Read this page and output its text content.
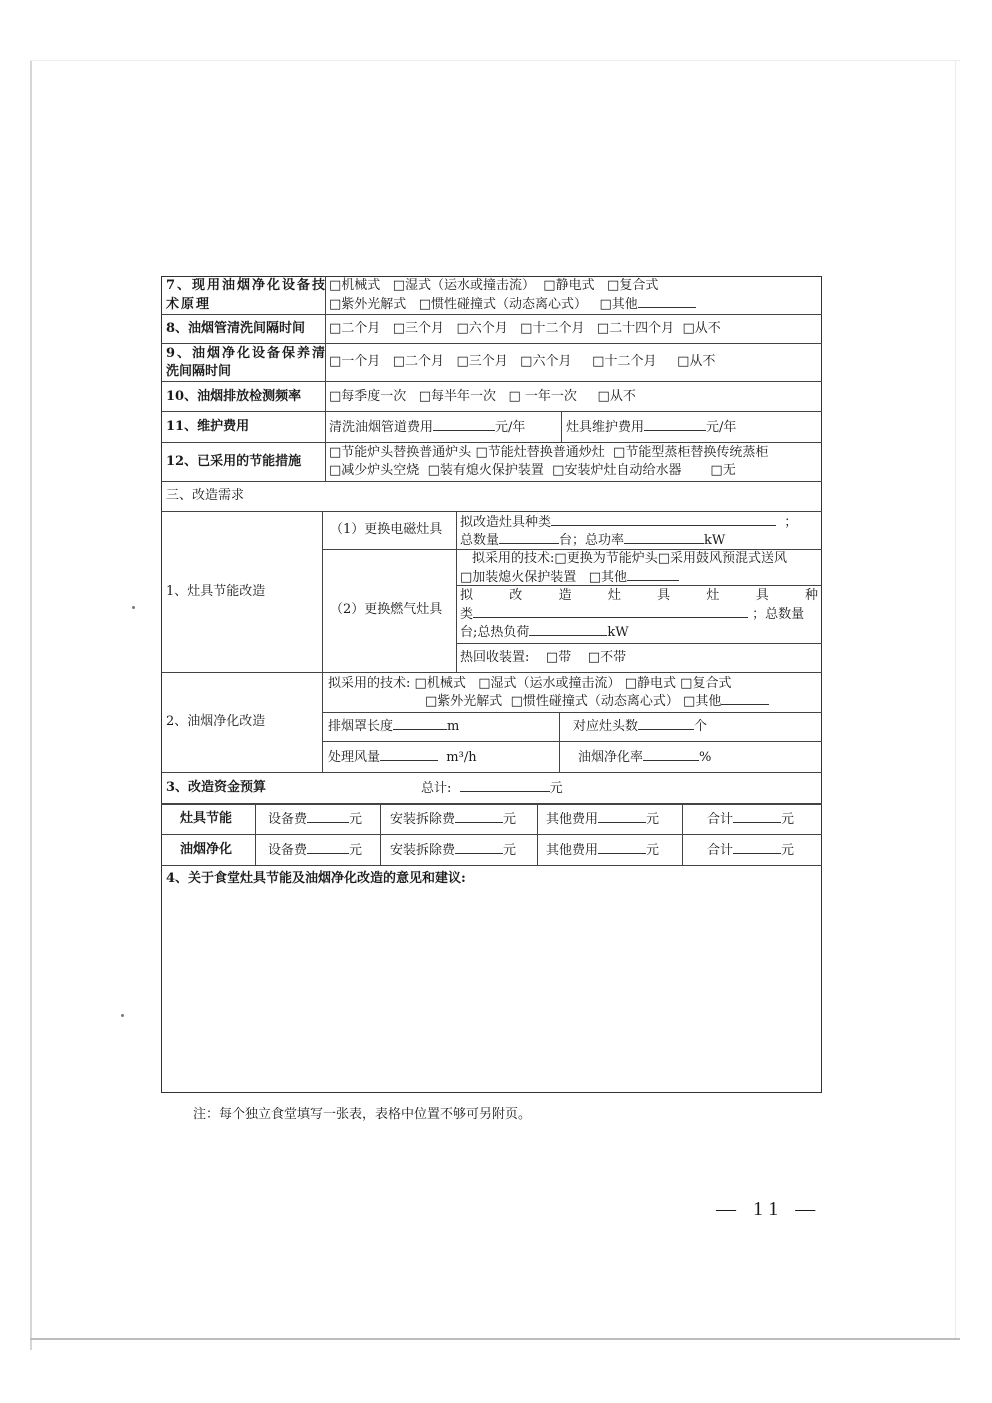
7、现用油烟净化设备技
术原理
□ 机械式 □ 湿式（运水或撞击流） □ 静电式 □ 复合式
□ 紫外光解式 □ 惯性碰撞式（动态离心式） □ 其他
8、油烟管清洗间隔时间 □	二个月 □ 三个月 □ 六个月 □ 十二个月 □ 二十四个月 □ 从不
9、油烟净化设备保养清
洗间隔时间
□ 一个月 □ 二个月 □ 三个月 □ 六个月 □	十二个月 □	从不
10、油烟排放检测频率 □	每季度一次 □ 每半年一次   □ 一年一次 □	从不
11、维护费用	清洗油烟管道费用	元/年	灶具维护费用	元/年
12、已采用的节能措施
□ 节能炉头替换普通炉头 □ 节能灶替换普通炒灶 □ 节能型蒸柜替换传统蒸柜
□ 减少炉头空烧 □ 装有熄火保护装置 □ 安装炉灶自动给水器 □	无
三、改造需求
1、灶具节能改造
（1）更换电磁灶具 拟改造灶具种类	；
总数量	台；总功率	kW
（2）更换燃气灶具
拟采用的技术: □ 更换为节能炉头 □ 采用鼓风预混式送风
□ 加装熄火保护装置 □ 其他
拟	改	造	灶	具	灶	具	种
类	；总数量
台;总热负荷	kW
热回收装置: □ 带 □ 不带
2、油烟净化改造
拟采用的技术: □ 机械式 □ 湿式（运水或撞击流） □ 静电式 □ 复合式
□ 紫外光解式 □ 惯性碰撞式（动态离心式） □ 其他
排烟罩长度	m	对应灶头数	个
处理风量	m³/h	油烟净化率	%
3、改造资金预算	总计:	元
灶具节能	设备费	元 安装拆除费	元 其他费用	元	合计	元
油烟净化	设备费	元 安装拆除费	元 其他费用	元	合计	元
4、关于食堂灶具节能及油烟净化改造的意见和建议:
注：每个独立食堂填写一张表，表格中位置不够可另附页。
— 11 —
